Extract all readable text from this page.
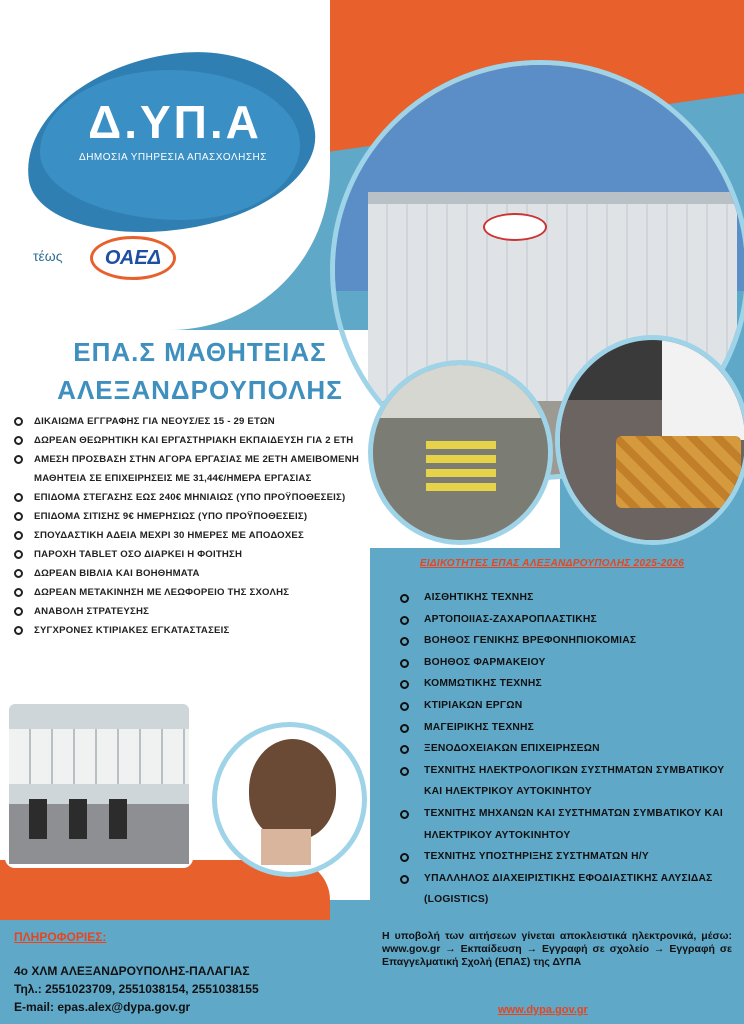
Δ.ΥΠ.Α
ΔΗΜΟΣΙΑ ΥΠΗΡΕΣΙΑ ΑΠΑΣΧΟΛΗΣΗΣ
τέως ΟΑΕΔ
ΕΠΑ.Σ ΜΑΘΗΤΕΙΑΣ
ΑΛΕΞΑΝΔΡΟΥΠΟΛΗΣ
ΔΙΚΑΙΩΜΑ ΕΓΓΡΑΦΗΣ ΓΙΑ ΝΕΟΥΣ/ΕΣ 15 - 29 ΕΤΩΝ
ΔΩΡΕΑΝ ΘΕΩΡΗΤΙΚΗ ΚΑΙ ΕΡΓΑΣΤΗΡΙΑΚΗ ΕΚΠΑΙΔΕΥΣΗ ΓΙΑ 2 ΕΤΗ
ΑΜΕΣΗ ΠΡΟΣΒΑΣΗ ΣΤΗΝ ΑΓΟΡΑ ΕΡΓΑΣΙΑΣ ΜΕ 2ΕΤΗ ΑΜΕΙΒΟΜΕΝΗ ΜΑΘΗΤΕΙΑ ΣΕ ΕΠΙΧΕΙΡΗΣΕΙΣ ΜΕ 31,44€/ΗΜΕΡΑ ΕΡΓΑΣΙΑΣ
ΕΠΙΔΟΜΑ ΣΤΕΓΑΣΗΣ ΕΩΣ 240€ ΜΗΝΙΑΙΩΣ (ΥΠΟ ΠΡΟΫΠΟΘΕΣΕΙΣ)
ΕΠΙΔΟΜΑ ΣΙΤΙΣΗΣ 9€ ΗΜΕΡΗΣΙΩΣ (ΥΠΟ ΠΡΟΫΠΟΘΕΣΕΙΣ)
ΣΠΟΥΔΑΣΤΙΚΗ ΑΔΕΙΑ ΜΕΧΡΙ 30 ΗΜΕΡΕΣ ΜΕ ΑΠΟΔΟΧΕΣ
ΠΑΡΟΧΗ TABLET ΟΣΟ ΔΙΑΡΚΕΙ Η ΦΟΙΤΗΣΗ
ΔΩΡΕΑΝ ΒΙΒΛΙΑ ΚΑΙ ΒΟΗΘΗΜΑΤΑ
ΔΩΡΕΑΝ ΜΕΤΑΚΙΝΗΣΗ ΜΕ ΛΕΩΦΟΡΕΙΟ ΤΗΣ ΣΧΟΛΗΣ
ΑΝΑΒΟΛΗ ΣΤΡΑΤΕΥΣΗΣ
ΣΥΓΧΡΟΝΕΣ ΚΤΙΡΙΑΚΕΣ ΕΓΚΑΤΑΣΤΑΣΕΙΣ
ΕΙΔΙΚΟΤΗΤΕΣ ΕΠΑΣ ΑΛΕΞΑΝΔΡΟΥΠΟΛΗΣ 2025-2026
ΑΙΣΘΗΤΙΚΗΣ ΤΕΧΝΗΣ
ΑΡΤΟΠΟΙΙΑΣ-ΖΑΧΑΡΟΠΛΑΣΤΙΚΗΣ
ΒΟΗΘΟΣ ΓΕΝΙΚΗΣ ΒΡΕΦΟΝΗΠΙΟΚΟΜΙΑΣ
ΒΟΗΘΟΣ ΦΑΡΜΑΚΕΙΟΥ
ΚΟΜΜΩΤΙΚΗΣ ΤΕΧΝΗΣ
ΚΤΙΡΙΑΚΩΝ ΕΡΓΩΝ
ΜΑΓΕΙΡΙΚΗΣ ΤΕΧΝΗΣ
ΞΕΝΟΔΟΧΕΙΑΚΩΝ ΕΠΙΧΕΙΡΗΣΕΩΝ
ΤΕΧΝΙΤΗΣ ΗΛΕΚΤΡΟΛΟΓΙΚΩΝ ΣΥΣΤΗΜΑΤΩΝ ΣΥΜΒΑΤΙΚΟΥ ΚΑΙ ΗΛΕΚΤΡΙΚΟΥ ΑΥΤΟΚΙΝΗΤΟΥ
ΤΕΧΝΙΤΗΣ ΜΗΧΑΝΩΝ ΚΑΙ ΣΥΣΤΗΜΑΤΩΝ ΣΥΜΒΑΤΙΚΟΥ ΚΑΙ ΗΛΕΚΤΡΙΚΟΥ ΑΥΤΟΚΙΝΗΤΟΥ
ΤΕΧΝΙΤΗΣ ΥΠΟΣΤΗΡΙΞΗΣ ΣΥΣΤΗΜΑΤΩΝ Η/Υ
ΥΠΑΛΛΗΛΟΣ ΔΙΑΧΕΙΡΙΣΤΙΚΗΣ ΕΦΟΔΙΑΣΤΙΚΗΣ ΑΛΥΣΙΔΑΣ (LOGISTICS)
ΠΛΗΡΟΦΟΡΙΕΣ:
4ο ΧΛΜ ΑΛΕΞΑΝΔΡΟΥΠΟΛΗΣ-ΠΑΛΑΓΙΑΣ
Τηλ.: 2551023709, 2551038154, 2551038155
E-mail: epas.alex@dypa.gov.gr
Η υποβολή των αιτήσεων γίνεται αποκλειστικά ηλεκτρονικά, μέσω: www.gov.gr → Εκπαίδευση → Εγγραφή σε σχολείο → Εγγραφή σε Επαγγελματική Σχολή (ΕΠΑΣ) της ΔΥΠΑ
www.dypa.gov.gr
